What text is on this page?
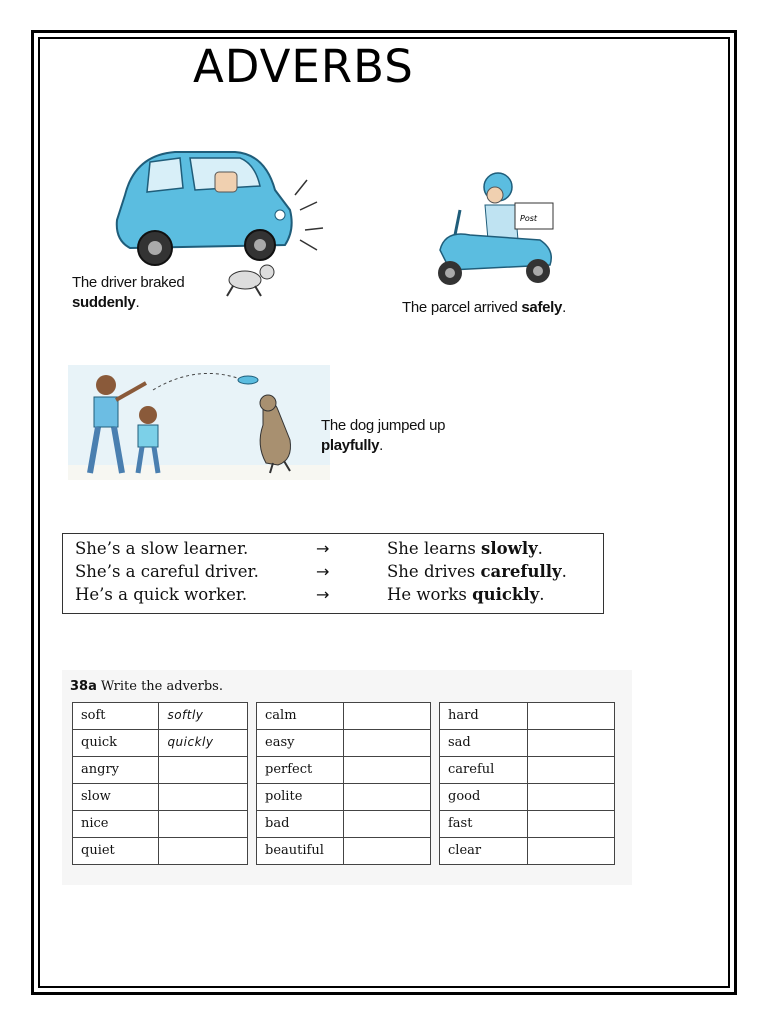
ADVERBS
The driver braked
suddenly.
Post
The parcel arrived safely.
The dog jumped up
playfully.
She’s a slow learner.	→	She learns slowly.
She’s a careful driver.	→	She drives carefully.
He’s a quick worker.	→	He works quickly.
38a Write the adverbs.
soft	softly
quick	quickly
angry	
slow	
nice	
quiet	
calm	
easy	
perfect	
polite	
bad	
beautiful	
hard	
sad	
careful	
good	
fast	
clear	
